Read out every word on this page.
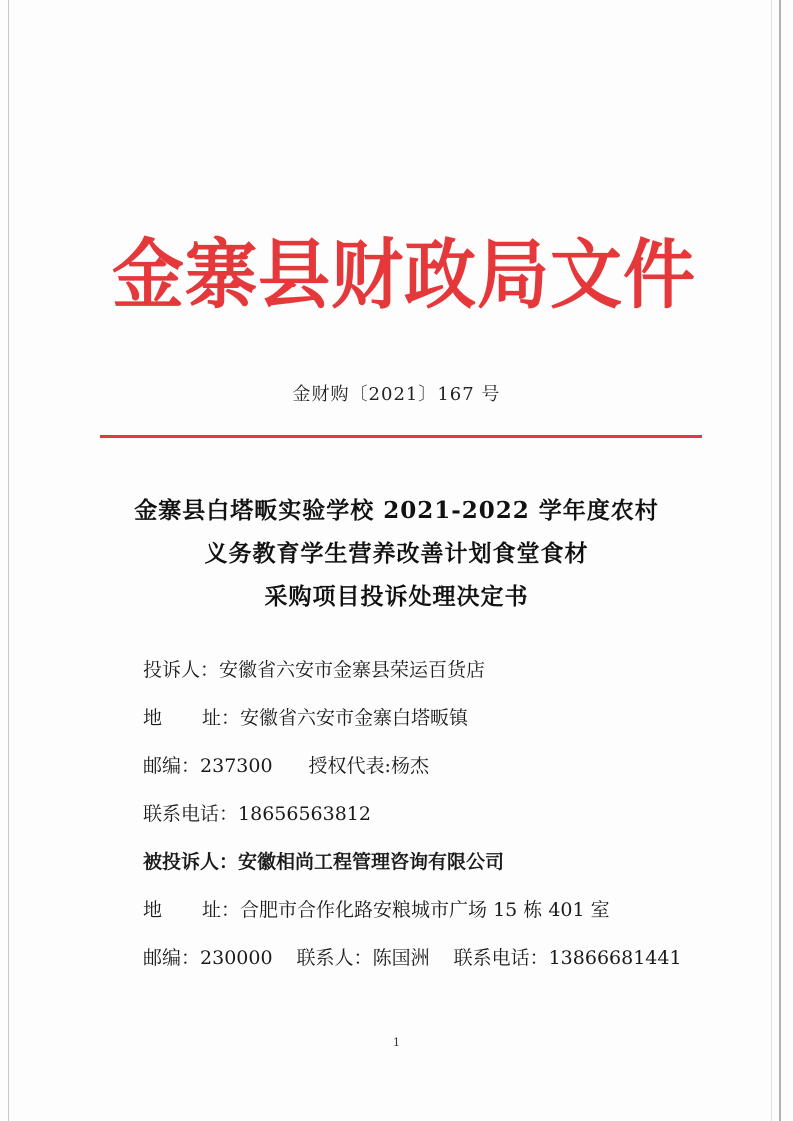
金寨县财政局文件
金财购〔2021〕167 号
金寨县白塔畈实验学校 2021-2022 学年度农村
义务教育学生营养改善计划食堂食材
采购项目投诉处理决定书
投诉人：安徽省六安市金寨县荣运百货店
地 址：安徽省六安市金寨白塔畈镇
邮编：237300 授权代表:杨杰
联系电话：18656563812
被投诉人：安徽相尚工程管理咨询有限公司
地 址：合肥市合作化路安粮城市广场 15 栋 401 室
邮编：230000 联系人：陈国洲 联系电话：13866681441
1
